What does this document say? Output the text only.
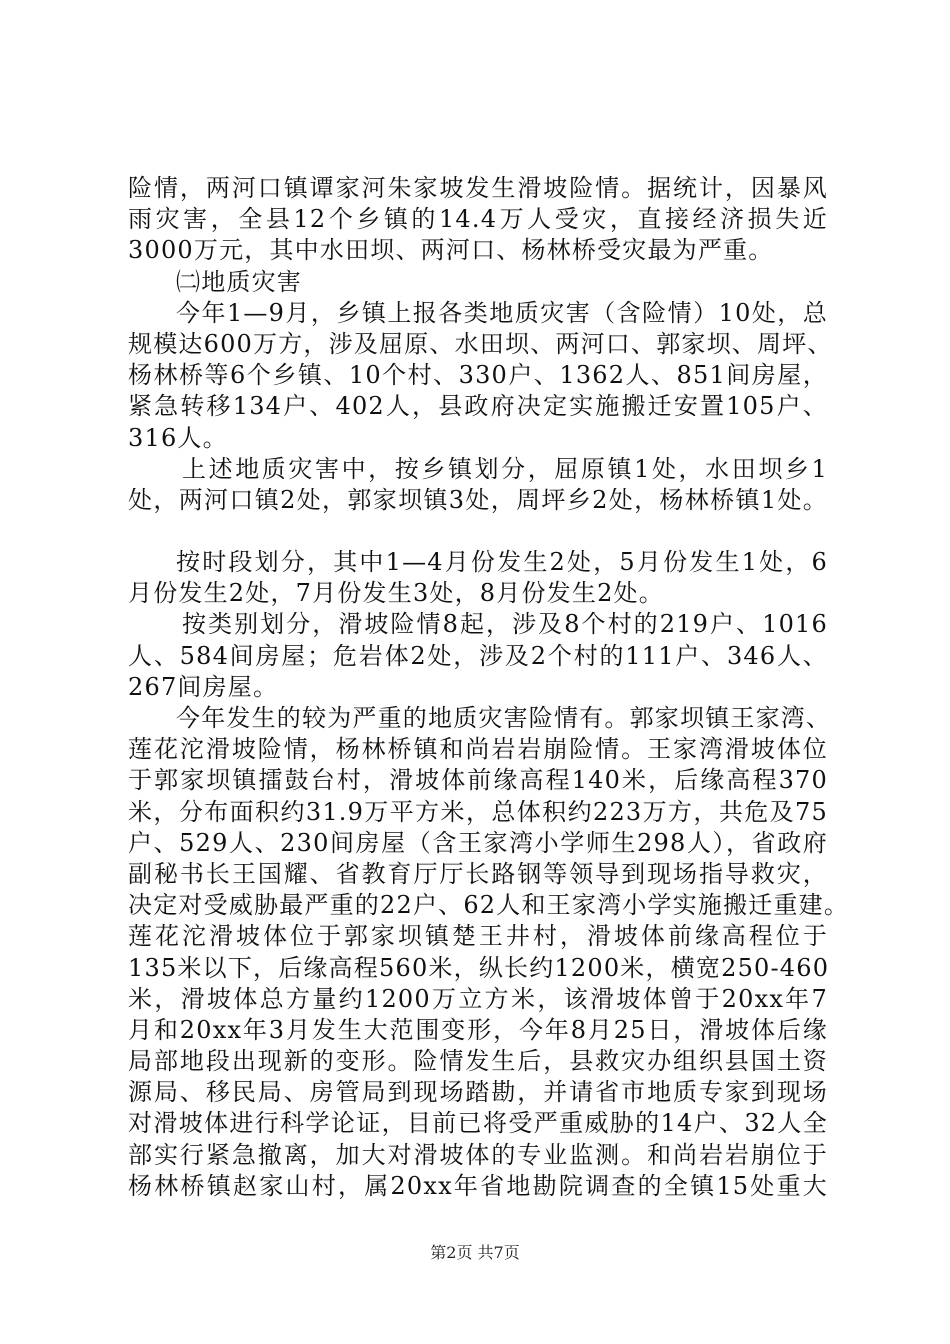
险情，两河口镇谭家河朱家坡发生滑坡险情。据统计，因暴风
雨灾害，全县12个乡镇的14.4万人受灾，直接经济损失近
3000万元，其中水田坝、两河口、杨林桥受灾最为严重。
㈡地质灾害
今年1—9月，乡镇上报各类地质灾害（含险情）10处，总
规模达600万方，涉及屈原、水田坝、两河口、郭家坝、周坪、
杨林桥等6个乡镇、10个村、330户、1362人、851间房屋，
紧急转移134户、402人，县政府决定实施搬迁安置105户、
316人。
上述地质灾害中，按乡镇划分，屈原镇1处，水田坝乡1
处，两河口镇2处，郭家坝镇3处，周坪乡2处，杨林桥镇1处。
按时段划分，其中1—4月份发生2处，5月份发生1处，6
月份发生2处，7月份发生3处，8月份发生2处。
按类别划分，滑坡险情8起，涉及8个村的219户、1016
人、584间房屋；危岩体2处，涉及2个村的111户、346人、
267间房屋。
今年发生的较为严重的地质灾害险情有。郭家坝镇王家湾、
莲花沱滑坡险情，杨林桥镇和尚岩岩崩险情。王家湾滑坡体位
于郭家坝镇擂鼓台村，滑坡体前缘高程140米，后缘高程370
米，分布面积约31.9万平方米，总体积约223万方，共危及75
户、529人、230间房屋（含王家湾小学师生298人），省政府
副秘书长王国耀、省教育厅厅长路钢等领导到现场指导救灾，
决定对受威胁最严重的22户、62人和王家湾小学实施搬迁重建。
莲花沱滑坡体位于郭家坝镇楚王井村，滑坡体前缘高程位于
135米以下，后缘高程560米，纵长约1200米，横宽250-460
米，滑坡体总方量约1200万立方米，该滑坡体曾于20xx年7
月和20xx年3月发生大范围变形，今年8月25日，滑坡体后缘
局部地段出现新的变形。险情发生后，县救灾办组织县国土资
源局、移民局、房管局到现场踏勘，并请省市地质专家到现场
对滑坡体进行科学论证，目前已将受严重威胁的14户、32人全
部实行紧急撤离，加大对滑坡体的专业监测。和尚岩岩崩位于
杨林桥镇赵家山村，属20xx年省地勘院调查的全镇15处重大
第2页 共7页
